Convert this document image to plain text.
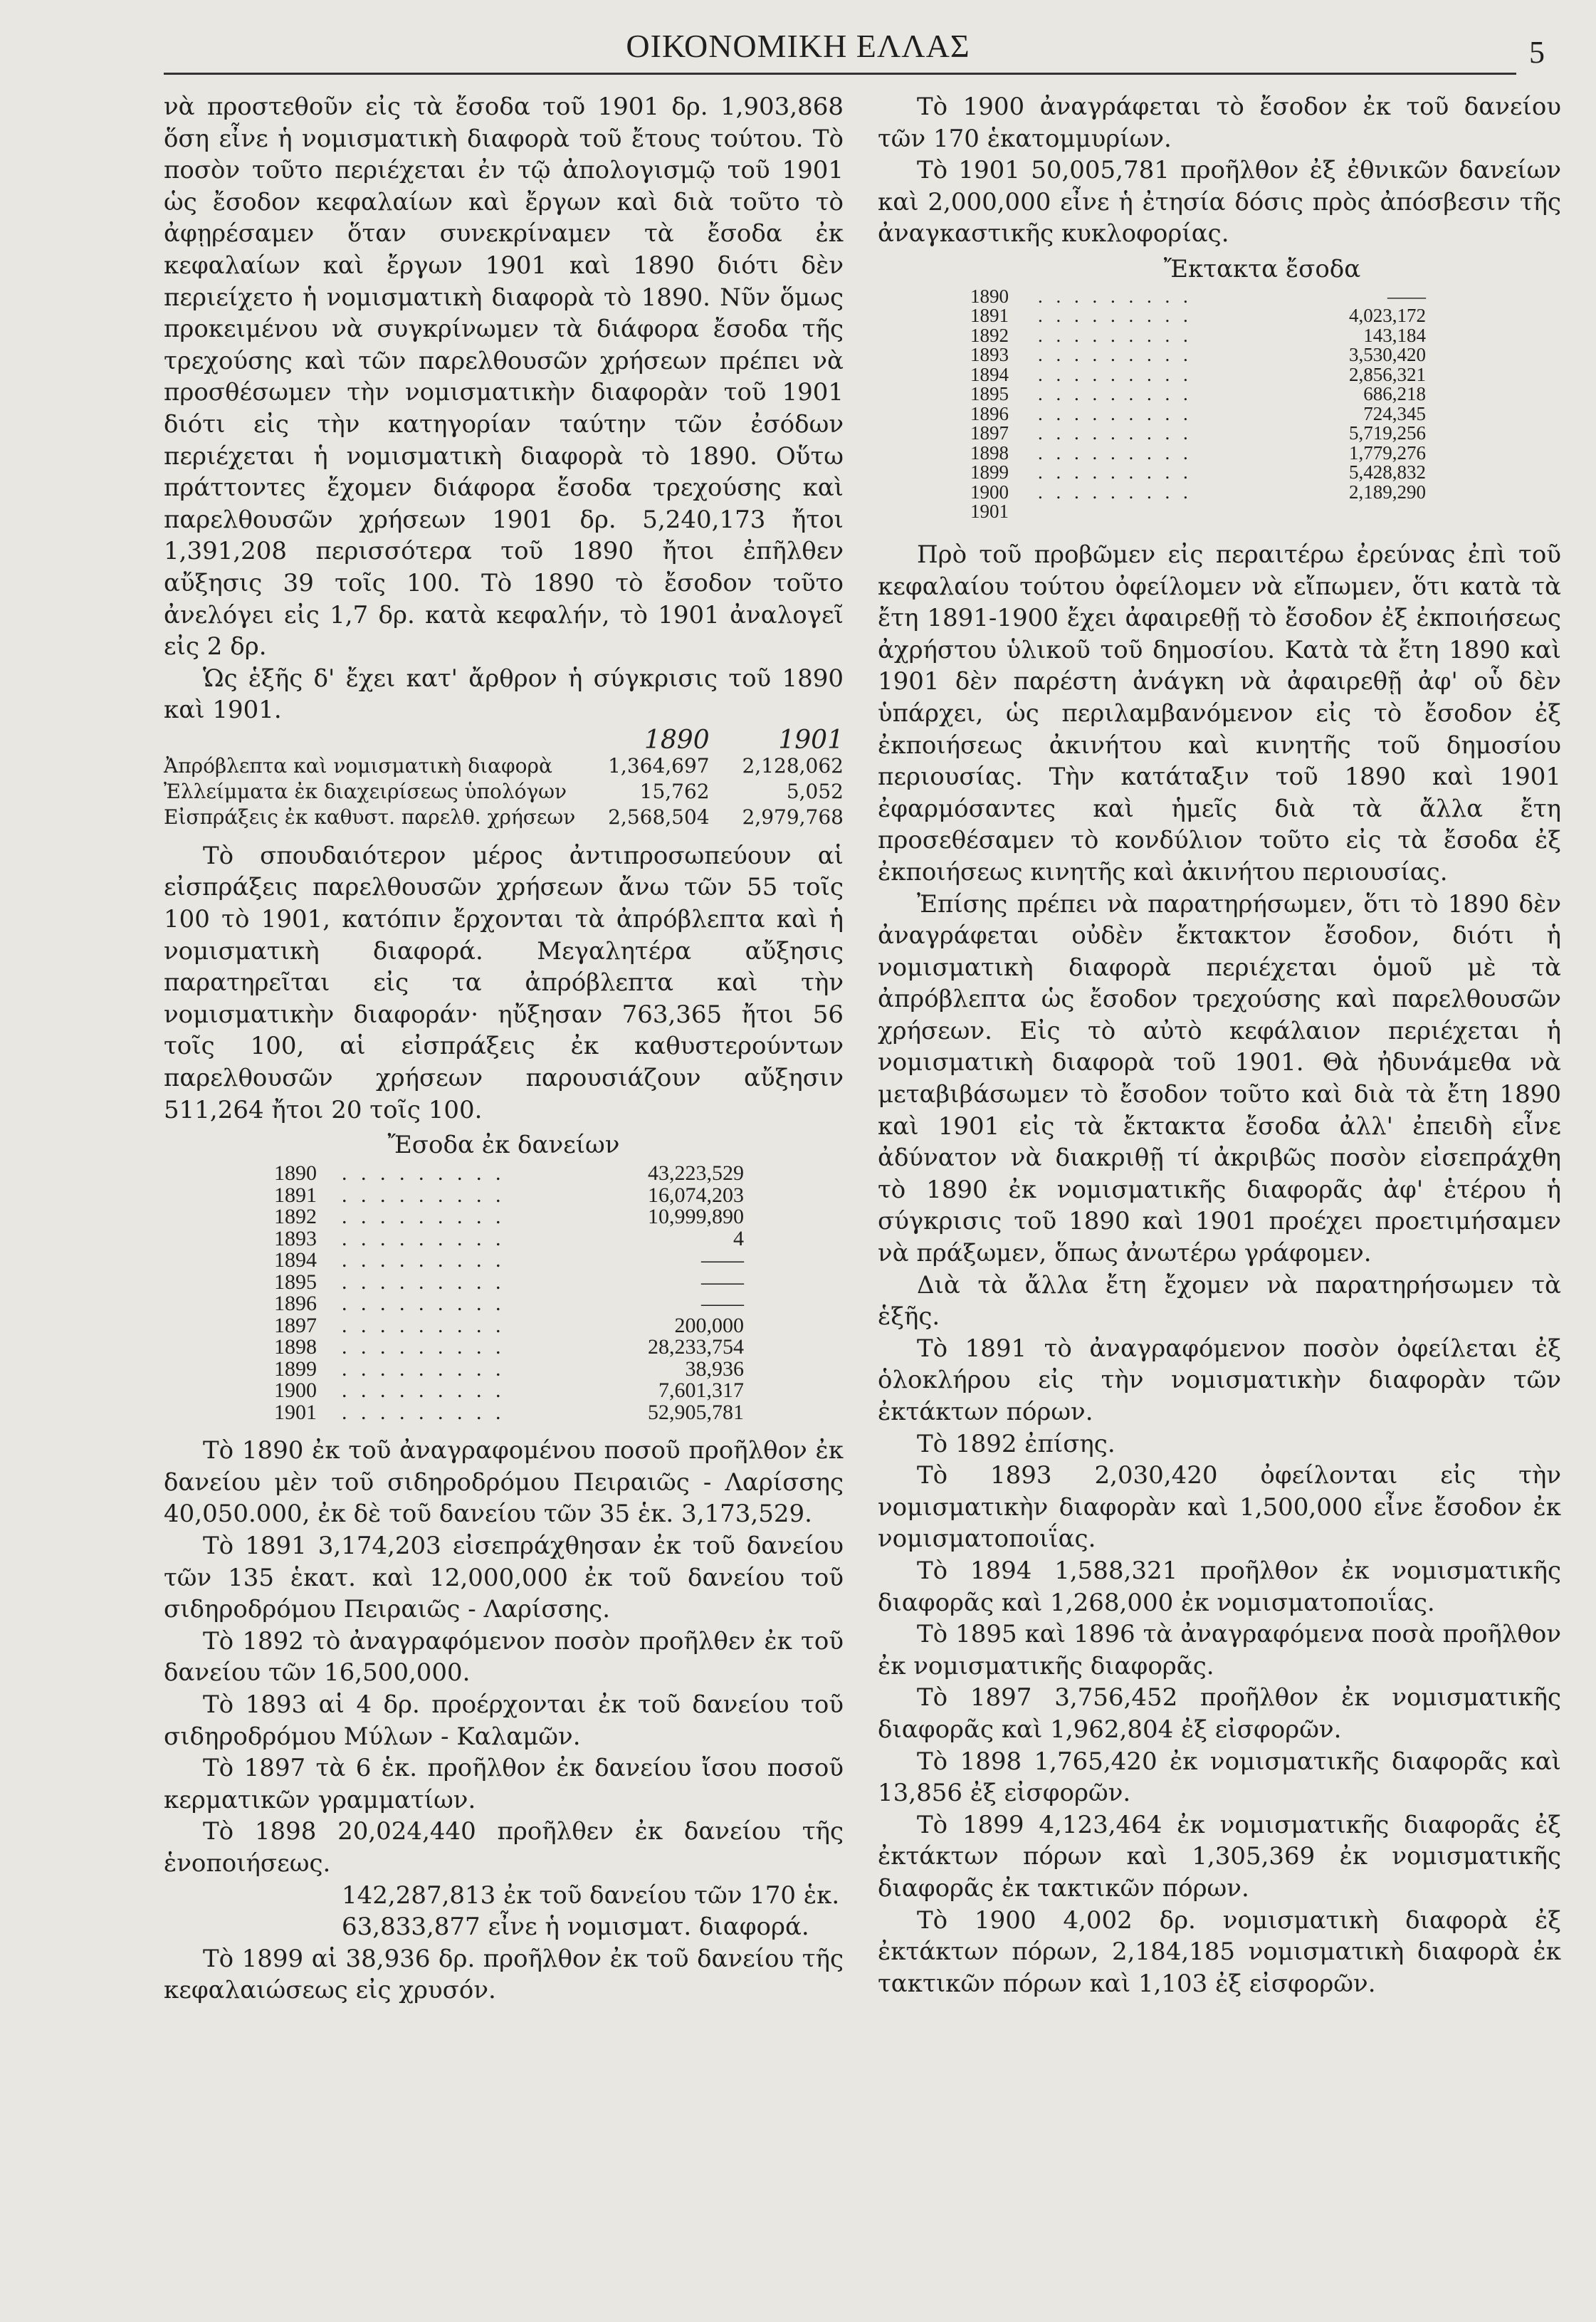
ΟΙΚΟΝΟΜΙΚΗ ΕΛΛΑΣ	5

νὰ προστεθοῦν εἰς τὰ ἔσοδα τοῦ 1901 δρ. 1,903,868 ὅση εἶνε ἡ νομισματικὴ διαφορὰ τοῦ ἔτους τούτου. Τὸ ποσὸν τοῦτο περιέχεται ἐν τῷ ἀπολογισμῷ τοῦ 1901 ὡς ἔσοδον κεφαλαίων καὶ ἔργων καὶ διὰ τοῦτο τὸ ἀφῃρέσαμεν ὅταν συνεκρίναμεν τὰ ἔσοδα ἐκ κεφαλαίων καὶ ἔργων 1901 καὶ 1890 διότι δὲν περιείχετο ἡ νομισματικὴ διαφορὰ τὸ 1890. Νῦν ὅμως προκειμένου νὰ συγκρίνωμεν τὰ διάφορα ἔσοδα τῆς τρεχούσης καὶ τῶν παρελθουσῶν χρήσεων πρέπει νὰ προσθέσωμεν τὴν νομισματικὴν διαφορὰν τοῦ 1901 διότι εἰς τὴν κατηγορίαν ταύτην τῶν ἐσόδων περιέχεται ἡ νομισματικὴ διαφορὰ τὸ 1890. Οὕτω πράττοντες ἔχομεν διάφορα ἔσοδα τρεχούσης καὶ παρελθουσῶν χρήσεων 1901 δρ. 5,240,173 ἤτοι 1,391,208 περισσότερα τοῦ 1890 ἤτοι ἐπῆλθεν αὔξησις 39 τοῖς 100. Τὸ 1890 τὸ ἔσοδον τοῦτο ἀνελόγει εἰς 1,7 δρ. κατὰ κεφαλήν, τὸ 1901 ἀναλογεῖ εἰς 2 δρ.

Ὡς ἑξῆς δ' ἔχει κατ' ἄρθρον ἡ σύγκρισις τοῦ 1890 καὶ 1901.

	1890	1901
Ἀπρόβλεπτα καὶ νομισματικὴ διαφορὰ	1,364,697	2,128,062
Ἐλλείμματα ἐκ διαχειρίσεως ὑπολόγων	15,762	5,052
Εἰσπράξεις ἐκ καθυστ. παρελθ. χρήσεων	2,568,504	2,979,768

Τὸ σπουδαιότερον μέρος ἀντιπροσωπεύουν αἱ εἰσπράξεις παρελθουσῶν χρήσεων ἄνω τῶν 55 τοῖς 100 τὸ 1901, κατόπιν ἔρχονται τὰ ἀπρόβλεπτα καὶ ἡ νομισματικὴ διαφορά. Μεγαλητέρα αὔξησις παρατηρεῖται εἰς τα ἀπρόβλεπτα καὶ τὴν νομισματικὴν διαφοράν· ηὔξησαν 763,365 ἤτοι 56 τοῖς 100, αἱ εἰσπράξεις ἐκ καθυστερούντων παρελθουσῶν χρήσεων παρουσιάζουν αὔξησιν 511,264 ἤτοι 20 τοῖς 100.

Ἔσοδα ἐκ δανείων
1890	. . . . . . . . .	43,223,529
1891	. . . . . . . . .	16,074,203
1892	. . . . . . . . .	10,999,890
1893	. . . . . . . . .	4
1894	. . . . . . . . .	——
1895	. . . . . . . . .	——
1896	. . . . . . . . .	——
1897	. . . . . . . . .	200,000
1898	. . . . . . . . .	28,233,754
1899	. . . . . . . . .	38,936
1900	. . . . . . . . .	7,601,317
1901	. . . . . . . . .	52,905,781

Τὸ 1890 ἐκ τοῦ ἀναγραφομένου ποσοῦ προῆλθον ἐκ δανείου μὲν τοῦ σιδηροδρόμου Πειραιῶς - Λαρίσσης 40,050.000, ἐκ δὲ τοῦ δανείου τῶν 35 ἑκ. 3,173,529.

Τὸ 1891 3,174,203 εἰσεπράχθησαν ἐκ τοῦ δανείου τῶν 135 ἑκατ. καὶ 12,000,000 ἐκ τοῦ δανείου τοῦ σιδηροδρόμου Πειραιῶς - Λαρίσσης.

Τὸ 1892 τὸ ἀναγραφόμενον ποσὸν προῆλθεν ἐκ τοῦ δανείου τῶν 16,500,000.

Τὸ 1893 αἱ 4 δρ. προέρχονται ἐκ τοῦ δανείου τοῦ σιδηροδρόμου Μύλων - Καλαμῶν.

Τὸ 1897 τὰ 6 ἑκ. προῆλθον ἐκ δανείου ἴσου ποσοῦ κερματικῶν γραμματίων.

Τὸ 1898 20,024,440 προῆλθεν ἐκ δανείου τῆς ἑνοποιήσεως.

142,287,813 ἐκ τοῦ δανείου τῶν 170 ἑκ.

63,833,877 εἶνε ἡ νομισματ. διαφορά.

Τὸ 1899 αἱ 38,936 δρ. προῆλθον ἐκ τοῦ δανείου τῆς κεφαλαιώσεως εἰς χρυσόν.

Τὸ 1900 ἀναγράφεται τὸ ἔσοδον ἐκ τοῦ δανείου τῶν 170 ἑκατομμυρίων.

Τὸ 1901 50,005,781 προῆλθον ἐξ ἐθνικῶν δανείων καὶ 2,000,000 εἶνε ἡ ἐτησία δόσις πρὸς ἀπόσβεσιν τῆς ἀναγκαστικῆς κυκλοφορίας.

Ἔκτακτα ἔσοδα
1890	. . . . . . . . .	——
1891	. . . . . . . . .	4,023,172
1892	. . . . . . . . .	143,184
1893	. . . . . . . . .	3,530,420
1894	. . . . . . . . .	2,856,321
1895	. . . . . . . . .	686,218
1896	. . . . . . . . .	724,345
1897	. . . . . . . . .	5,719,256
1898	. . . . . . . . .	1,779,276
1899	. . . . . . . . .	5,428,832
1900	. . . . . . . . .	2,189,290
1901

Πρὸ τοῦ προβῶμεν εἰς περαιτέρω ἐρεύνας ἐπὶ τοῦ κεφαλαίου τούτου ὀφείλομεν νὰ εἴπωμεν, ὅτι κατὰ τὰ ἔτη 1891-1900 ἔχει ἀφαιρεθῇ τὸ ἔσοδον ἐξ ἐκποιήσεως ἀχρήστου ὑλικοῦ τοῦ δημοσίου. Κατὰ τὰ ἔτη 1890 καὶ 1901 δὲν παρέστη ἀνάγκη νὰ ἀφαιρεθῇ ἀφ' οὗ δὲν ὑπάρχει, ὡς περιλαμβανόμενον εἰς τὸ ἔσοδον ἐξ ἐκποιήσεως ἀκινήτου καὶ κινητῆς τοῦ δημοσίου περιουσίας. Τὴν κατάταξιν τοῦ 1890 καὶ 1901 ἐφαρμόσαντες καὶ ἡμεῖς διὰ τὰ ἄλλα ἔτη προσεθέσαμεν τὸ κονδύλιον τοῦτο εἰς τὰ ἔσοδα ἐξ ἐκποιήσεως κινητῆς καὶ ἀκινήτου περιουσίας.

Ἐπίσης πρέπει νὰ παρατηρήσωμεν, ὅτι τὸ 1890 δὲν ἀναγράφεται οὐδὲν ἔκτακτον ἔσοδον, διότι ἡ νομισματικὴ διαφορὰ περιέχεται ὁμοῦ μὲ τὰ ἀπρόβλεπτα ὡς ἔσοδον τρεχούσης καὶ παρελθουσῶν χρήσεων. Εἰς τὸ αὐτὸ κεφάλαιον περιέχεται ἡ νομισματικὴ διαφορὰ τοῦ 1901. Θὰ ἠδυνάμεθα νὰ μεταβιβάσωμεν τὸ ἔσοδον τοῦτο καὶ διὰ τὰ ἔτη 1890 καὶ 1901 εἰς τὰ ἔκτακτα ἔσοδα ἀλλ' ἐπειδὴ εἶνε ἀδύνατον νὰ διακριθῇ τί ἀκριβῶς ποσὸν εἰσεπράχθη τὸ 1890 ἐκ νομισματικῆς διαφορᾶς ἀφ' ἑτέρου ἡ σύγκρισις τοῦ 1890 καὶ 1901 προέχει προετιμήσαμεν νὰ πράξωμεν, ὅπως ἀνωτέρω γράφομεν.

Διὰ τὰ ἄλλα ἔτη ἔχομεν νὰ παρατηρήσωμεν τὰ ἑξῆς.

Τὸ 1891 τὸ ἀναγραφόμενον ποσὸν ὀφείλεται ἐξ ὁλοκλήρου εἰς τὴν νομισματικὴν διαφορὰν τῶν ἐκτάκτων πόρων.

Τὸ 1892 ἐπίσης.

Τὸ 1893 2,030,420 ὀφείλονται εἰς τὴν νομισματικὴν διαφορὰν καὶ 1,500,000 εἶνε ἔσοδον ἐκ νομισματοποιΐας.

Τὸ 1894 1,588,321 προῆλθον ἐκ νομισματικῆς διαφορᾶς καὶ 1,268,000 ἐκ νομισματοποιΐας.

Τὸ 1895 καὶ 1896 τὰ ἀναγραφόμενα ποσὰ προῆλθον ἐκ νομισματικῆς διαφορᾶς.

Τὸ 1897 3,756,452 προῆλθον ἐκ νομισματικῆς διαφορᾶς καὶ 1,962,804 ἐξ εἰσφορῶν.

Τὸ 1898 1,765,420 ἐκ νομισματικῆς διαφορᾶς καὶ 13,856 ἐξ εἰσφορῶν.

Τὸ 1899 4,123,464 ἐκ νομισματικῆς διαφορᾶς ἐξ ἐκτάκτων πόρων καὶ 1,305,369 ἐκ νομισματικῆς διαφορᾶς ἐκ τακτικῶν πόρων.

Τὸ 1900 4,002 δρ. νομισματικὴ διαφορὰ ἐξ ἐκτάκτων πόρων, 2,184,185 νομισματικὴ διαφορὰ ἐκ τακτικῶν πόρων καὶ 1,103 ἐξ εἰσφορῶν.
